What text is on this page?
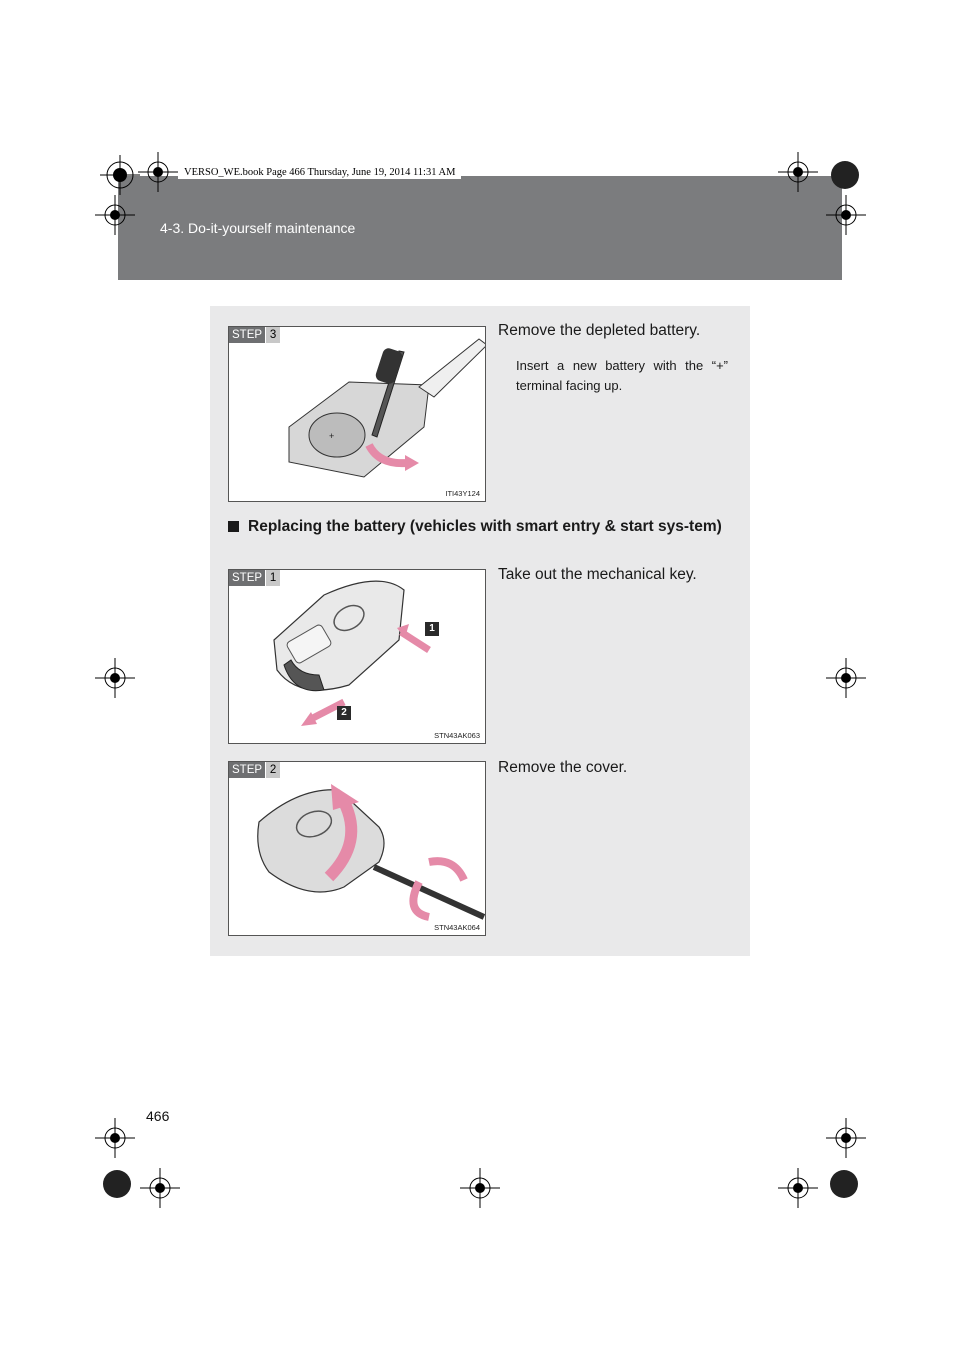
4-3. Do-it-yourself maintenance
VERSO_WE.book Page 466 Thursday, June 19, 2014 11:31 AM
+
STEP 3
ITI43Y124
Remove the depleted battery.
Insert a new battery with the “+” terminal facing up.
Replacing the battery (vehicles with smart entry & start sys-tem)
1
2
STEP 1
STN43AK063
Take out the mechanical key.
STEP 2
STN43AK064
Remove the cover.
466
